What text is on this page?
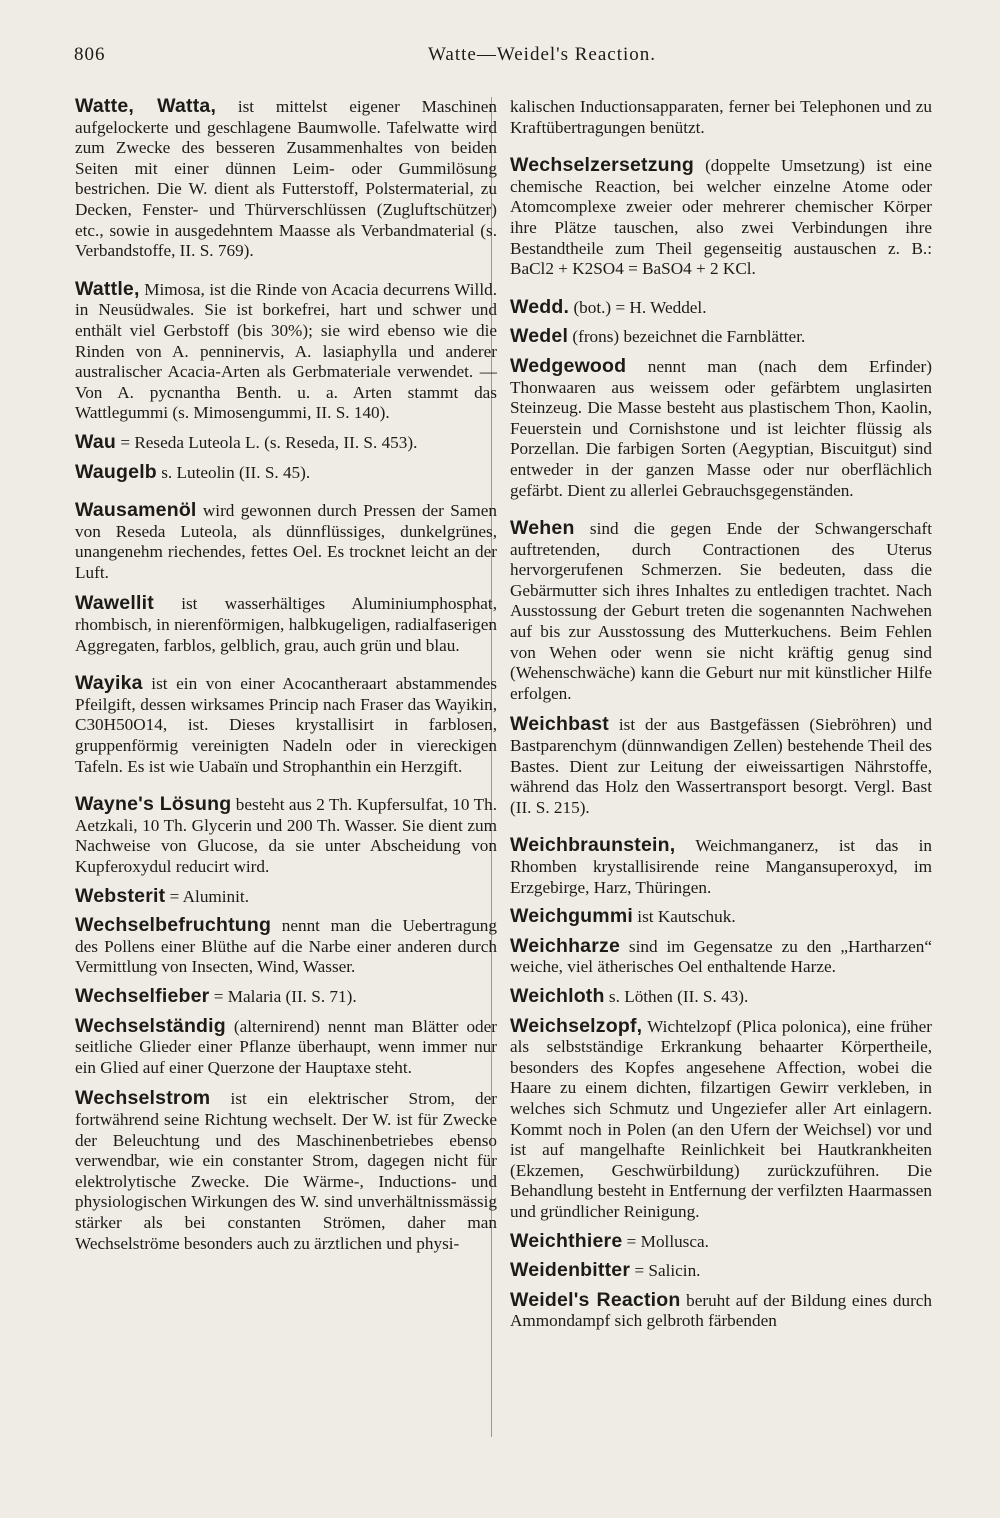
806	Watte—Weidel's Reaction.

Watte, Watta, ist mittelst eigener Maschinen aufgelockerte und geschlagene Baumwolle. Tafelwatte wird zum Zwecke des besseren Zusammenhaltes von beiden Seiten mit einer dünnen Leim- oder Gummilösung bestrichen. Die W. dient als Futterstoff, Polstermaterial, zu Decken, Fenster- und Thürverschlüssen (Zugluftschützer) etc., sowie in ausgedehntem Maasse als Verbandmaterial (s. Verbandstoffe, II. S. 769).

Wattle, Mimosa, ist die Rinde von Acacia decurrens Willd. in Neusüdwales. Sie ist borkefrei, hart und schwer und enthält viel Gerbstoff (bis 30%); sie wird ebenso wie die Rinden von A. penninervis, A. lasiaphylla und anderer australischer Acacia-Arten als Gerbmateriale verwendet. — Von A. pycnantha Benth. u. a. Arten stammt das Wattlegummi (s. Mimosengummi, II. S. 140).

Wau = Reseda Luteola L. (s. Reseda, II. S. 453).

Waugelb s. Luteolin (II. S. 45).

Wausamenöl wird gewonnen durch Pressen der Samen von Reseda Luteola, als dünnflüssiges, dunkelgrünes, unangenehm riechendes, fettes Oel. Es trocknet leicht an der Luft.

Wawellit ist wasserhältiges Aluminiumphosphat, rhombisch, in nierenförmigen, halbkugeligen, radialfaserigen Aggregaten, farblos, gelblich, grau, auch grün und blau.

Wayika ist ein von einer Acocantheraart abstammendes Pfeilgift, dessen wirksames Princip nach Fraser das Wayikin, C30H50O14, ist. Dieses krystallisirt in farblosen, gruppenförmig vereinigten Nadeln oder in viereckigen Tafeln. Es ist wie Uabaïn und Strophanthin ein Herzgift.

Wayne's Lösung besteht aus 2 Th. Kupfersulfat, 10 Th. Aetzkali, 10 Th. Glycerin und 200 Th. Wasser. Sie dient zum Nachweise von Glucose, da sie unter Abscheidung von Kupferoxydul reducirt wird.

Websterit = Aluminit.

Wechselbefruchtung nennt man die Uebertragung des Pollens einer Blüthe auf die Narbe einer anderen durch Vermittlung von Insecten, Wind, Wasser.

Wechselfieber = Malaria (II. S. 71).

Wechselständig (alternirend) nennt man Blätter oder seitliche Glieder einer Pflanze überhaupt, wenn immer nur ein Glied auf einer Querzone der Hauptaxe steht.

Wechselstrom ist ein elektrischer Strom, der fortwährend seine Richtung wechselt. Der W. ist für Zwecke der Beleuchtung und des Maschinenbetriebes ebenso verwendbar, wie ein constanter Strom, dagegen nicht für elektrolytische Zwecke. Die Wärme-, Inductions- und physiologischen Wirkungen des W. sind unverhältnissmässig stärker als bei constanten Strömen, daher man Wechselströme besonders auch zu ärztlichen und physi-

kalischen Inductionsapparaten, ferner bei Telephonen und zu Kraftübertragungen benützt.

Wechselzersetzung (doppelte Umsetzung) ist eine chemische Reaction, bei welcher einzelne Atome oder Atomcomplexe zweier oder mehrerer chemischer Körper ihre Plätze tauschen, also zwei Verbindungen ihre Bestandtheile zum Theil gegenseitig austauschen z. B.: BaCl2 + K2SO4 = BaSO4 + 2 KCl.

Wedd. (bot.) = H. Weddel.

Wedel (frons) bezeichnet die Farnblätter.

Wedgewood nennt man (nach dem Erfinder) Thonwaaren aus weissem oder gefärbtem unglasirten Steinzeug. Die Masse besteht aus plastischem Thon, Kaolin, Feuerstein und Cornishstone und ist leichter flüssig als Porzellan. Die farbigen Sorten (Aegyptian, Biscuitgut) sind entweder in der ganzen Masse oder nur oberflächlich gefärbt. Dient zu allerlei Gebrauchsgegenständen.

Wehen sind die gegen Ende der Schwangerschaft auftretenden, durch Contractionen des Uterus hervorgerufenen Schmerzen. Sie bedeuten, dass die Gebärmutter sich ihres Inhaltes zu entledigen trachtet. Nach Ausstossung der Geburt treten die sogenannten Nachwehen auf bis zur Ausstossung des Mutterkuchens. Beim Fehlen von Wehen oder wenn sie nicht kräftig genug sind (Wehenschwäche) kann die Geburt nur mit künstlicher Hilfe erfolgen.

Weichbast ist der aus Bastgefässen (Siebröhren) und Bastparenchym (dünnwandigen Zellen) bestehende Theil des Bastes. Dient zur Leitung der eiweissartigen Nährstoffe, während das Holz den Wassertransport besorgt. Vergl. Bast (II. S. 215).

Weichbraunstein, Weichmanganerz, ist das in Rhomben krystallisirende reine Mangansuperoxyd, im Erzgebirge, Harz, Thüringen.

Weichgummi ist Kautschuk.

Weichharze sind im Gegensatze zu den „Hartharzen“ weiche, viel ätherisches Oel enthaltende Harze.

Weichloth s. Löthen (II. S. 43).

Weichselzopf, Wichtelzopf (Plica polonica), eine früher als selbstständige Erkrankung behaarter Körpertheile, besonders des Kopfes angesehene Affection, wobei die Haare zu einem dichten, filzartigen Gewirr verkleben, in welches sich Schmutz und Ungeziefer aller Art einlagern. Kommt noch in Polen (an den Ufern der Weichsel) vor und ist auf mangelhafte Reinlichkeit bei Hautkrankheiten (Ekzemen, Geschwürbildung) zurückzuführen. Die Behandlung besteht in Entfernung der verfilzten Haarmassen und gründlicher Reinigung.

Weichthiere = Mollusca.

Weidenbitter = Salicin.

Weidel's Reaction beruht auf der Bildung eines durch Ammondampf sich gelbroth färbenden
